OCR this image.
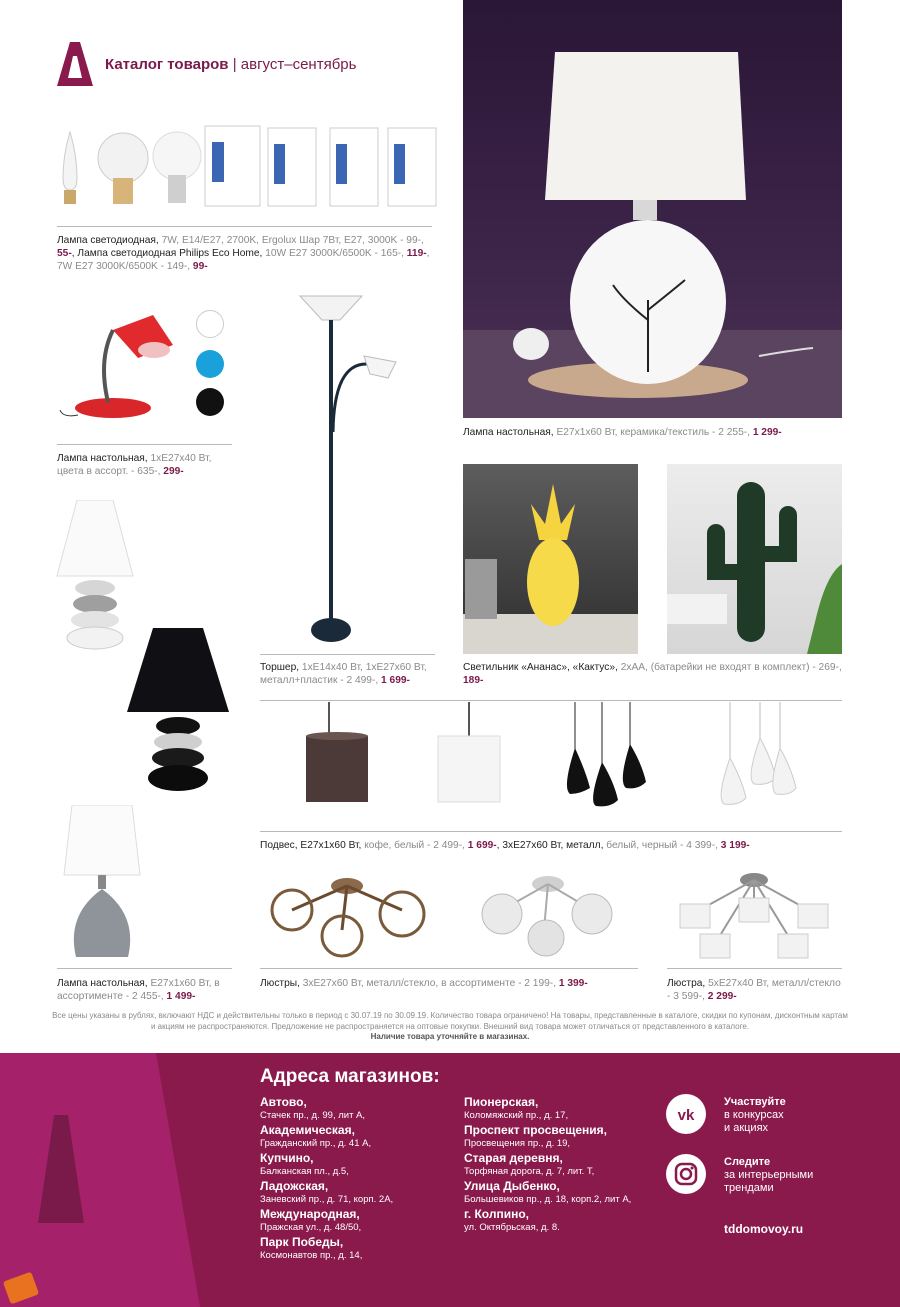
Каталог товаров | август–сентябрь
Лампа светодиодная, 7W, E14/E27, 2700K, Ergolux Шар 7Вт, E27, 3000K - 99-, 55-, Лампа светодиодная Philips Eco Home, 10W E27 3000K/6500K - 165-, 119-, 7W E27 3000K/6500K - 149-, 99-
Лампа настольная, 1хЕ27х40 Вт, цвета в ассорт. - 635-, 299-
Торшер, 1хЕ14х40 Вт, 1хЕ27х60 Вт, металл+пластик - 2 499-, 1 699-
Лампа настольная, Е27х1х60 Вт, керамика/текстиль - 2 255-, 1 299-
Светильник «Ананас», «Кактус», 2хАА, (батарейки не входят в комплект) - 269-, 189-
Лампа настольная, Е27х1х60 Вт, в ассортименте - 2 455-, 1 499-
Подвес, Е27х1х60 Вт, кофе, белый - 2 499-, 1 699-, 3хЕ27х60 Вт, металл, белый, черный - 4 399-, 3 199-
Люстры, 3хЕ27х60 Вт, металл/стекло, в ассортименте - 2 199-, 1 399-	Люстра, 5хЕ27х40 Вт, металл/стекло - 3 599-, 2 299-
Все цены указаны в рублях, включают НДС и действительны только в период с 30.07.19 по 30.09.19. Количество товара ограничено! На товары, представленные в каталоге, скидки по купонам, дисконтным картам и акциям не распространяются. Предложение не распространяется на оптовые покупки. Внешний вид товара может отличаться от представленного в каталоге.
Наличие товара уточняйте в магазинах.
Адреса магазинов:
Автово,
Стачек пр., д. 99, лит А,
Академическая,
Гражданский пр., д. 41 А,
Купчино,
Балканская пл., д.5,
Ладожская,
Заневский пр., д. 71, корп. 2А,
Международная,
Пражская ул., д. 48/50,
Парк Победы,
Космонавтов пр., д. 14,
Пионерская,
Коломяжский пр., д. 17,
Проспект просвещения,
Просвещения пр., д. 19,
Старая деревня,
Торфяная дорога, д. 7, лит. Т,
Улица Дыбенко,
Большевиков пр., д. 18, корп.2, лит А,
г. Колпино,
ул. Октябрьская, д. 8.
vk
Участвуйте
в конкурсах
и акциях
Следите
за интерьерными
трендами
tddomovoy.ru
